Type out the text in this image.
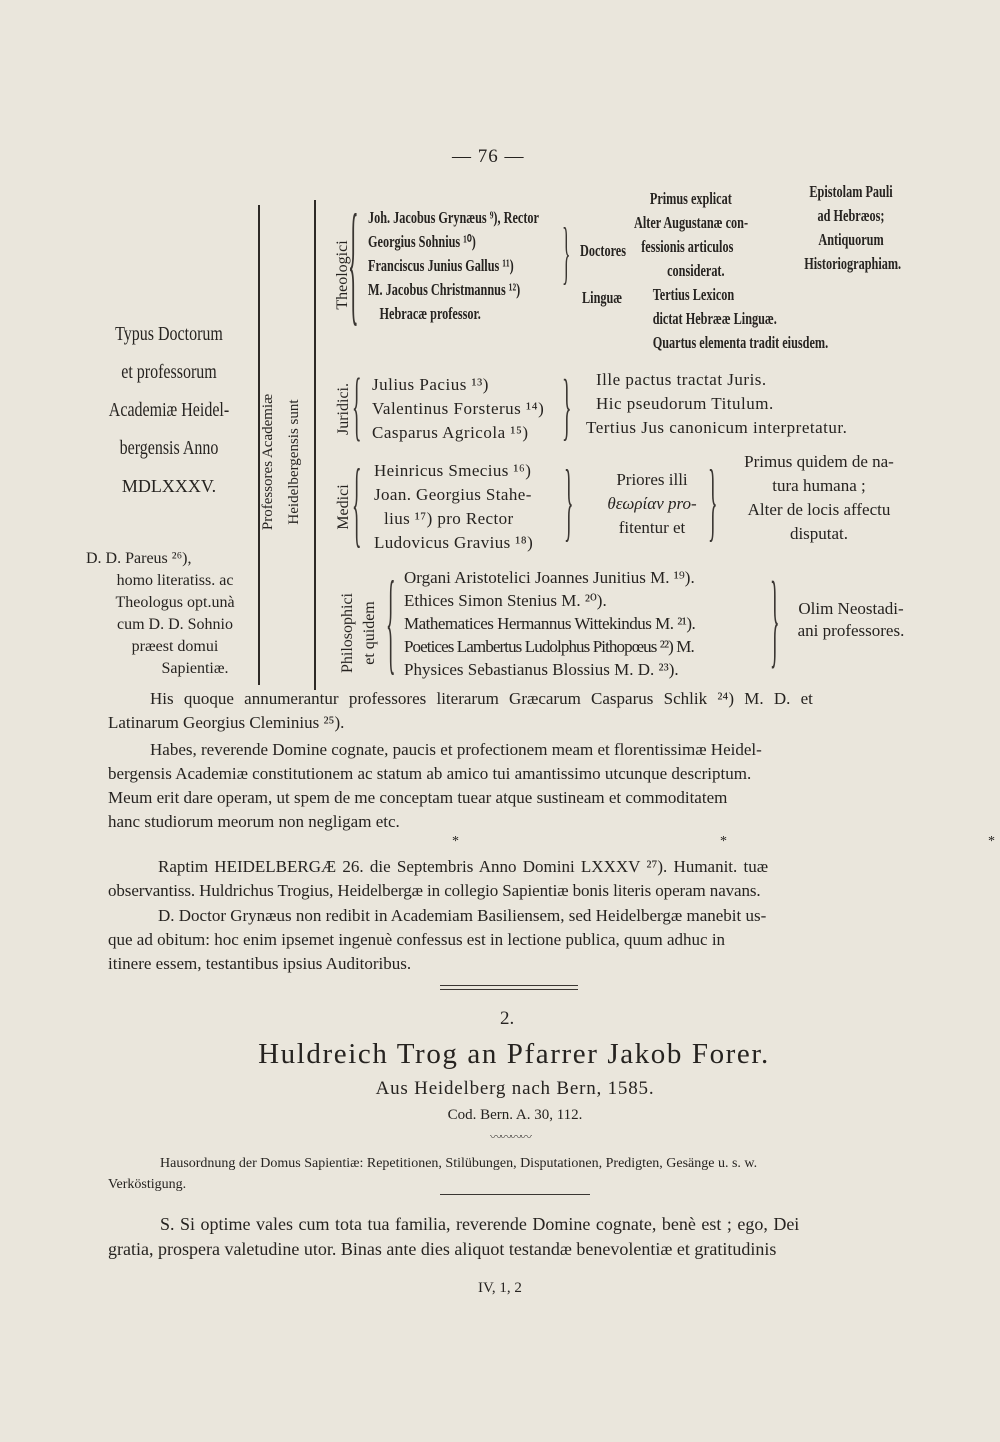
— 76 —
Typus Doctorum
et professorum
Academiæ Heidel-
bergensis Anno
MDLXXXV.
D. D. Pareus ²⁶),
homo literatiss. ac
Theologus opt.unà
cum D. D. Sohnio
præest domui
Sapientiæ.
Professores Academiæ Heidelbergensis sunt
Theologici
Juridici.
Medici
Philosophici et quidem
{
{
{
{
}
}
}	}
}
Joh. Jacobus Grynæus ⁹), Rector
Georgius Sohnius ¹⁰)
Franciscus Junius Gallus ¹¹)
M. Jacobus Christmannus ¹²)
Hebracæ professor.
Doctores
Linguæ
Primus explicat
Alter Augustanæ con-
fessionis articulos
considerat.
Tertius Lexicon
dictat Hebrææ Linguæ.
Quartus elementa tradit eiusdem.
Epistolam Pauli
ad Hebræos;
Antiquorum
Historiographiam.
Julius Pacius ¹³)
Valentinus Forsterus ¹⁴)
Casparus Agricola ¹⁵)
Ille pactus tractat Juris.
Hic pseudorum Titulum.
Tertius Jus canonicum interpretatur.
Heinricus Smecius ¹⁶)
Joan. Georgius Stahe-
lius ¹⁷) pro Rector
Ludovicus Gravius ¹⁸)
Priores illi
θεωρίαν pro-
fitentur et
Primus quidem de na-
tura humana ;
Alter de locis affectu
disputat.
Organi Aristotelici Joannes Junitius M. ¹⁹).
Ethices Simon Stenius M. ²⁰).
Mathematices Hermannus Wittekindus M. ²¹).
Poetices Lambertus Ludolphus Pithopœus ²²) M.
Physices Sebastianus Blossius M. D. ²³).
Olim Neostadi-
ani professores.
His quoque annumerantur professores literarum Græcarum Casparus Schlik ²⁴) M. D. et
Latinarum Georgius Cleminius ²⁵).
Habes, reverende Domine cognate, paucis et profectionem meam et florentissimæ Heidel-
bergensis Academiæ constitutionem ac statum ab amico tui amantissimo utcunque descriptum.
Meum erit dare operam, ut spem de me conceptam tuear atque sustineam et commoditatem
hanc studiorum meorum non negligam etc.
*      *      *
Raptim HEIDELBERGÆ 26. die Septembris Anno Domini LXXXV ²⁷). Humanit. tuæ
observantiss. Huldrichus Trogius, Heidelbergæ in collegio Sapientiæ bonis literis operam navans.
D. Doctor Grynæus non redibit in Academiam Basiliensem, sed Heidelbergæ manebit us-
que ad obitum: hoc enim ipsemet ingenuè confessus est in lectione publica, quum adhuc in
itinere essem, testantibus ipsius Auditoribus.
2.
Huldreich Trog an Pfarrer Jakob Forer.
Aus Heidelberg nach Bern, 1585.
Cod. Bern. A. 30, 112.
〰〰〰〰
Hausordnung der Domus Sapientiæ: Repetitionen, Stilübungen, Disputationen, Predigten, Gesänge u. s. w.
Verköstigung.
S. Si optime vales cum tota tua familia, reverende Domine cognate, benè est ; ego, Dei
gratia, prospera valetudine utor. Binas ante dies aliquot testandæ benevolentiæ et gratitudinis
IV, 1, 2
